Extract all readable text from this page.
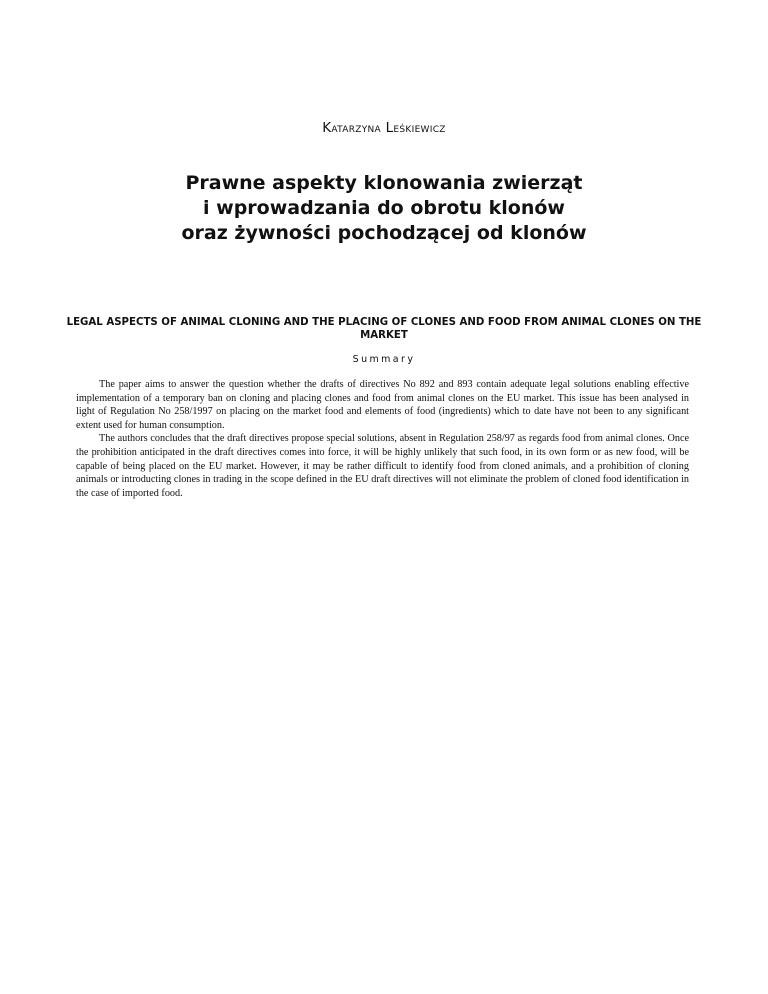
Katarzyna Leśkiewicz
Prawne aspekty klonowania zwierząt
i wprowadzania do obrotu klonów
oraz żywności pochodzącej od klonów
LEGAL ASPECTS OF ANIMAL CLONING AND THE PLACING OF CLONES AND FOOD FROM ANIMAL CLONES ON THE MARKET
Summary

The paper aims to answer the question whether the drafts of directives No 892 and 893 contain adequate legal solutions enabling effective implementation of a temporary ban on cloning and placing clones and food from animal clones on the EU market. This issue has been analysed in light of Regulation No 258/1997 on placing on the market food and elements of food (ingredients) which to date have not been to any significant extent used for human consumption.

The authors concludes that the draft directives propose special solutions, absent in Regulation 258/97 as regards food from animal clones. Once the prohibition anticipated in the draft directives comes into force, it will be highly unlikely that such food, in its own form or as new food, will be capable of being placed on the EU market. However, it may be rather difficult to identify food from cloned animals, and a prohibition of cloning animals or introducting clones in trading in the scope defined in the EU draft directives will not eliminate the problem of cloned food identification in the case of imported food.
